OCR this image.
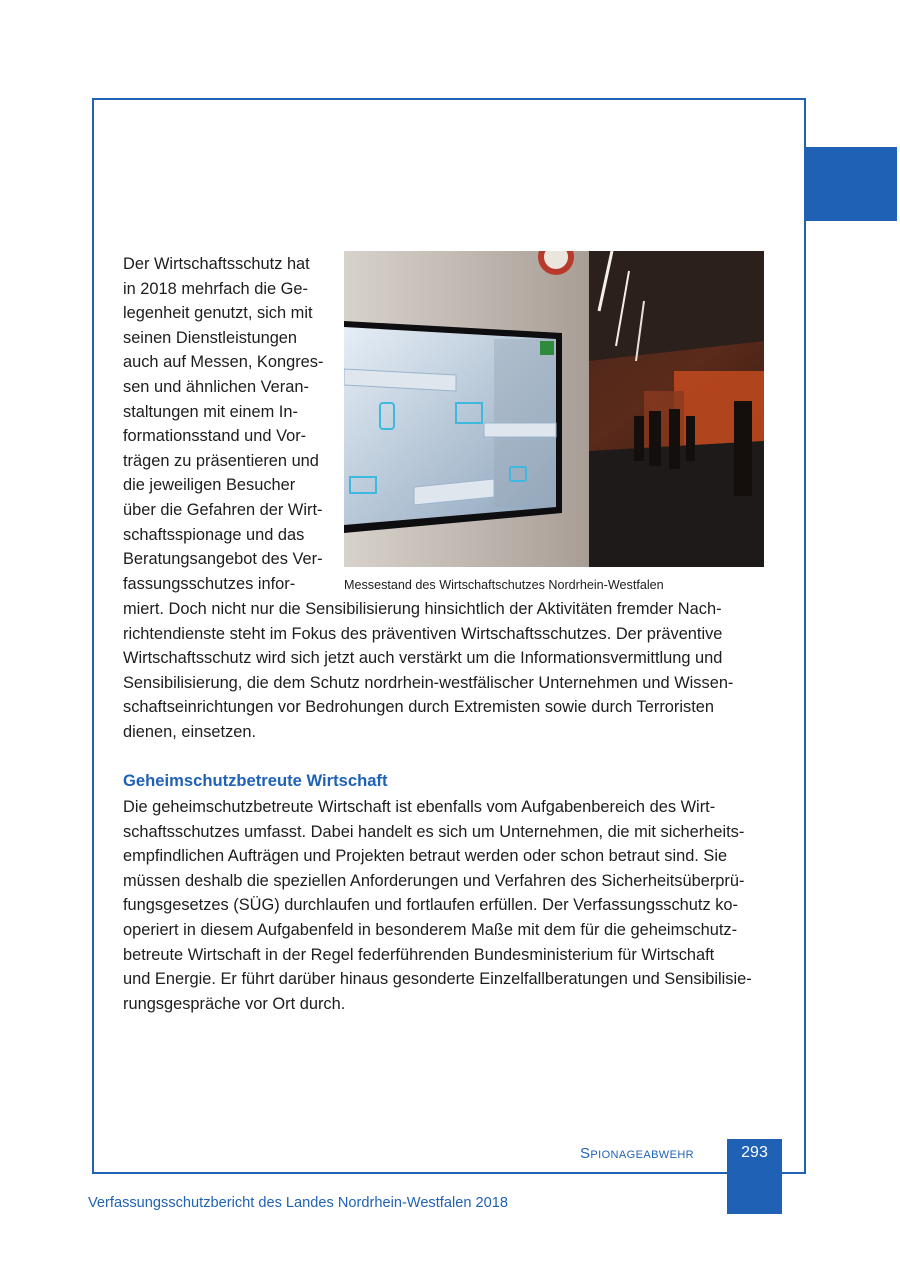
Der Wirtschaftsschutz hat
in 2018 mehrfach die Ge-
legenheit genutzt, sich mit
seinen Dienstleistungen
auch auf Messen, Kongres-
sen und ähnlichen Veran-
staltungen mit einem In-
formationsstand und Vor-
trägen zu präsentieren und
die jeweiligen Besucher
über die Gefahren der Wirt-
schaftsspionage und das
Beratungsangebot des Ver-
fassungsschutzes infor-	Messestand des Wirtschaftschutzes Nordrhein-Westfalen
miert. Doch nicht nur die Sensibilisierung hinsichtlich der Aktivitäten fremder Nach-
richtendienste steht im Fokus des präventiven Wirtschaftsschutzes. Der präventive
Wirtschaftsschutz wird sich jetzt auch verstärkt um die Informationsvermittlung und
Sensibilisierung, die dem Schutz nordrhein-westfälischer Unternehmen und Wissen-
schaftseinrichtungen vor Bedrohungen durch Extremisten sowie durch Terroristen
dienen, einsetzen.
Geheimschutzbetreute Wirtschaft
Die geheimschutzbetreute Wirtschaft ist ebenfalls vom Aufgabenbereich des Wirt-
schaftsschutzes umfasst. Dabei handelt es sich um Unternehmen, die mit sicherheits-
empfindlichen Aufträgen und Projekten betraut werden oder schon betraut sind. Sie
müssen deshalb die speziellen Anforderungen und Verfahren des Sicherheitsüberprü-
fungsgesetzes (SÜG) durchlaufen und fortlaufen erfüllen. Der Verfassungsschutz ko-
operiert in diesem Aufgabenfeld in besonderem Maße mit dem für die geheimschutz-
betreute Wirtschaft in der Regel federführenden Bundesministerium für Wirtschaft
und Energie. Er führt darüber hinaus gesonderte Einzelfallberatungen und Sensibilisie-
rungsgespräche vor Ort durch.
Spionageabwehr	293
Verfassungsschutzbericht des Landes Nordrhein-Westfalen 2018
